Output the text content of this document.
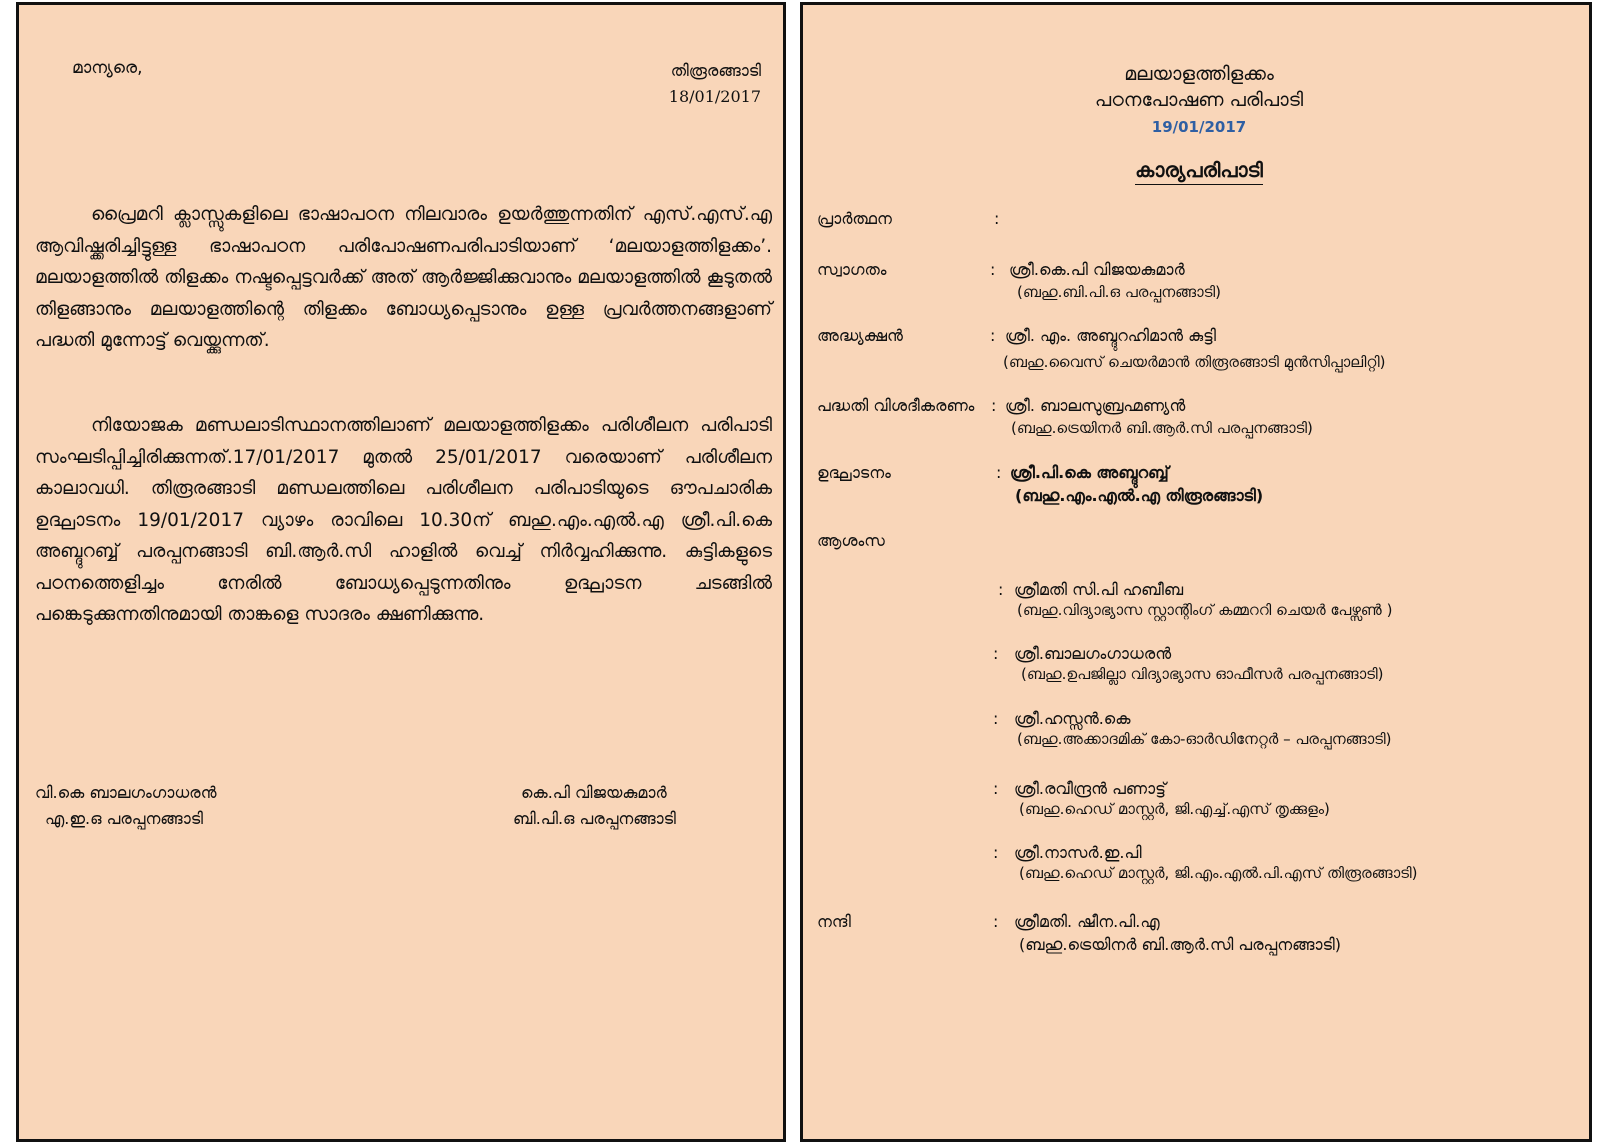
മാന്യരെ,	തിരൂരങ്ങാടി
18/01/2017

പ്രൈമറി ക്ലാസ്സുകളിലെ ഭാഷാപഠന നിലവാരം ഉയർത്തുന്നതിന് എസ്.എസ്.എ ആവിഷ്ക്കരിച്ചിട്ടുള്ള ഭാഷാപഠന പരിപോഷണപരിപാടിയാണ് ‘മലയാളത്തിളക്കം’. മലയാളത്തിൽ തിളക്കം നഷ്ടപ്പെട്ടവർക്ക് അത് ആർജ്ജിക്കുവാനും മലയാളത്തിൽ കൂടുതൽ തിളങ്ങാനും മലയാളത്തിന്റെ തിളക്കം ബോധ്യപ്പെടാനും ഉള്ള പ്രവർത്തനങ്ങളാണ് പദ്ധതി മുന്നോട്ട് വെയ്ക്കുന്നത്.

നിയോജക മണ്ഡലാടിസ്ഥാനത്തിലാണ് മലയാളത്തിളക്കം പരിശീലന പരിപാടി സംഘടിപ്പിച്ചിരിക്കുന്നത്.17/01/2017 മുതൽ 25/01/2017 വരെയാണ് പരിശീലന കാലാവധി. തിരൂരങ്ങാടി മണ്ഡലത്തിലെ പരിശീലന പരിപാടിയുടെ ഔപചാരിക ഉദ്ഘാടനം 19/01/2017 വ്യാഴം രാവിലെ 10.30ന് ബഹു.എം.എൽ.എ ശ്രീ.പി.കെ അബ്ദുറബ്ബ് പരപ്പനങ്ങാടി ബി.ആർ.സി ഹാളിൽ വെച്ച് നിർവ്വഹിക്കുന്നു. കുട്ടികളുടെ പഠനത്തെളിച്ചം നേരിൽ ബോധ്യപ്പെടുന്നതിനും ഉദ്ഘാടന ചടങ്ങിൽ പങ്കെടുക്കുന്നതിനുമായി താങ്കളെ സാദരം ക്ഷണിക്കുന്നു.

വി.കെ ബാലഗംഗാധരൻ
എ.ഇ.ഒ പരപ്പനങ്ങാടി
കെ.പി വിജയകുമാർ
ബി.പി.ഒ പരപ്പനങ്ങാടി
മലയാളത്തിളക്കം
പഠനപോഷണ പരിപാടി
19/01/2017
കാര്യപരിപാടി
പ്രാർത്ഥന	:
സ്വാഗതം	: ശ്രീ.കെ.പി വിജയകുമാർ
(ബഹു.ബി.പി.ഒ പരപ്പനങ്ങാടി)
അദ്ധ്യക്ഷൻ	: ശ്രീ. എം. അബ്ദുറഹിമാൻ കുട്ടി
(ബഹു.വൈസ് ചെയർമാൻ തിരൂരങ്ങാടി മുൻസിപ്പാലിറ്റി)
പദ്ധതി വിശദീകരണം : ശ്രീ. ബാലസുബ്രഹ്മണ്യൻ
(ബഹു.ട്രെയിനർ ബി.ആർ.സി പരപ്പനങ്ങാടി)
ഉദ്ഘാടനം	: ശ്രീ.പി.കെ അബ്ദുറബ്ബ്
(ബഹു.എം.എൽ.എ തിരൂരങ്ങാടി)
ആശംസ
: ശ്രീമതി സി.പി ഹബീബ
(ബഹു.വിദ്യാഭ്യാസ സ്റ്റാന്റിംഗ് കമ്മററി ചെയർ പേഴ്സൺ )
: ശ്രീ.ബാലഗംഗാധരൻ
(ബഹു.ഉപജില്ലാ വിദ്യാഭ്യാസ ഓഫീസർ പരപ്പനങ്ങാടി)
: ശ്രീ.ഹസ്സൻ.കെ
(ബഹു.അക്കാദമിക് കോ-ഓർഡിനേറ്റർ – പരപ്പനങ്ങാടി)
: ശ്രീ.രവീന്ദ്രൻ പണാട്ട്
(ബഹു.ഹെഡ് മാസ്റ്റർ, ജി.എച്ച്.എസ് തൃക്കുളം)
: ശ്രീ.നാസർ.ഇ.പി
(ബഹു.ഹെഡ് മാസ്റ്റർ, ജി.എം.എൽ.പി.എസ് തിരൂരങ്ങാടി)
നന്ദി	: ശ്രീമതി. ഷീന.പി.എ
(ബഹു.ട്രെയിനർ ബി.ആർ.സി പരപ്പനങ്ങാടി)
